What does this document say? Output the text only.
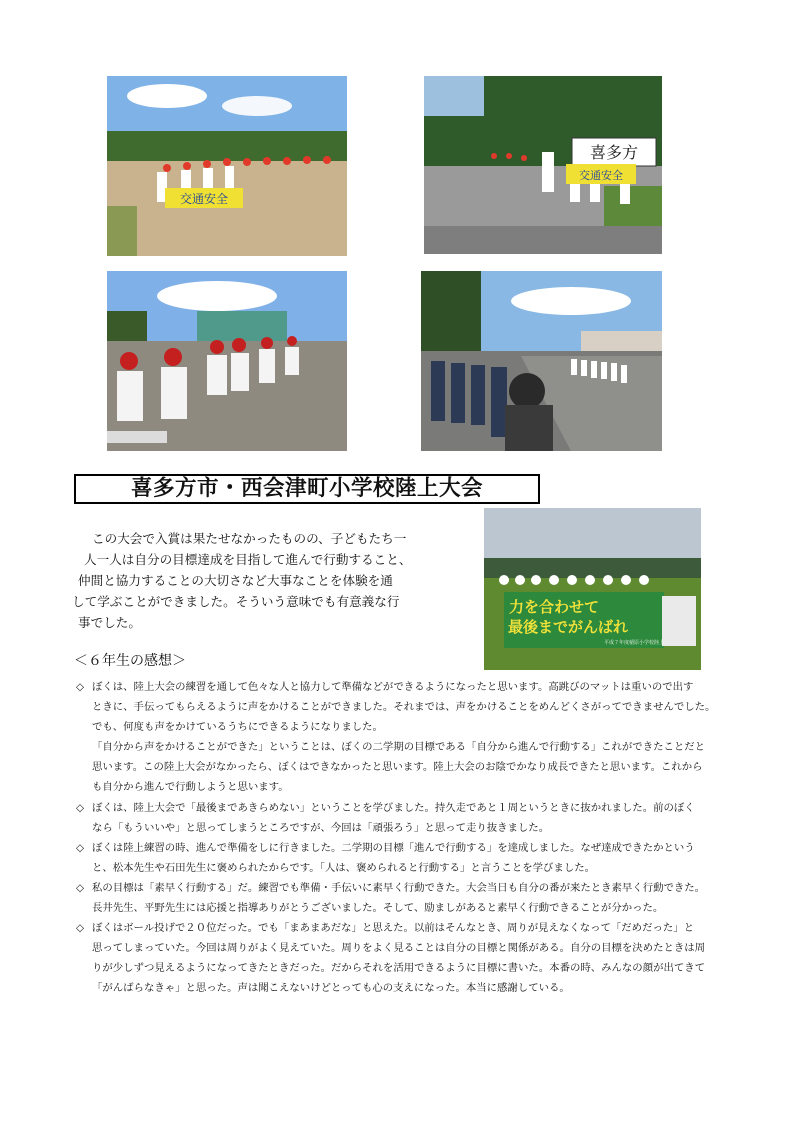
交通安全
喜多方
交通安全
喜多方市・西会津町小学校陸上大会
この大会で入賞は果たせなかったものの、子どもたち一
人一人は自分の目標達成を目指して進んで行動すること、
仲間と協力することの大切さなど大事なことを体験を通
して学ぶことができました。そういう意味でも有意義な行
事でした。
力を合わせて
最後までがんばれ
平成７年度稲原小学校陸上
＜６年生の感想＞
◇ ぼくは、陸上大会の練習を通して色々な人と協力して準備などができるようになったと思います。高跳びのマットは重いので出す
ときに、手伝ってもらえるように声をかけることができました。それまでは、声をかけることをめんどくさがってできませんでした。
でも、何度も声をかけているうちにできるようになりました。
「自分から声をかけることができた」ということは、ぼくの二学期の目標である「自分から進んで行動する」これができたことだと
思います。この陸上大会がなかったら、ぼくはできなかったと思います。陸上大会のお陰でかなり成長できたと思います。これから
も自分から進んで行動しようと思います。
◇ ぼくは、陸上大会で「最後まであきらめない」ということを学びました。持久走であと１周というときに抜かれました。前のぼく
なら「もういいや」と思ってしまうところですが、今回は「頑張ろう」と思って走り抜きました。
◇ ぼくは陸上練習の時、進んで準備をしに行きました。二学期の目標「進んで行動する」を達成しました。なぜ達成できたかという
と、松本先生や石田先生に褒められたからです。「人は、褒められると行動する」と言うことを学びました。
◇ 私の目標は「素早く行動する」だ。練習でも準備・手伝いに素早く行動できた。大会当日も自分の番が来たとき素早く行動できた。
長井先生、平野先生には応援と指導ありがとうございました。そして、励ましがあると素早く行動できることが分かった。
◇ ぼくはボール投げで２０位だった。でも「まあまあだな」と思えた。以前はそんなとき、周りが見えなくなって「だめだった」と
思ってしまっていた。今回は周りがよく見えていた。周りをよく見ることは自分の目標と関係がある。自分の目標を決めたときは周
りが少しずつ見えるようになってきたときだった。だからそれを活用できるように目標に書いた。本番の時、みんなの顔が出てきて
「がんばらなきゃ」と思った。声は聞こえないけどとっても心の支えになった。本当に感謝している。
